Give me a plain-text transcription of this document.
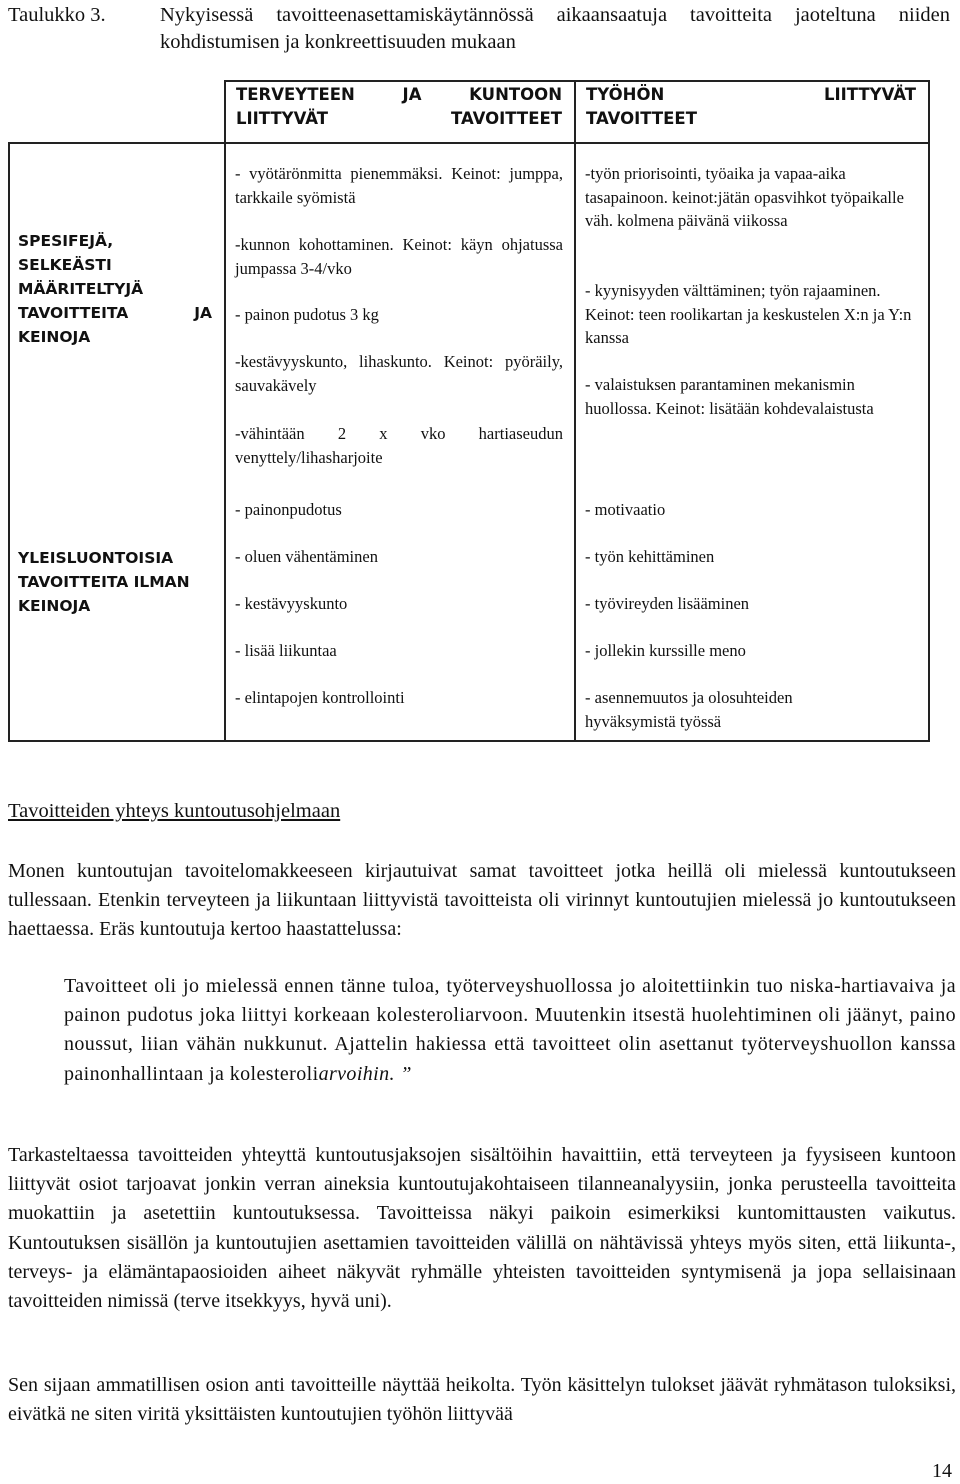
Taulukko 3.	Nykyisessä tavoitteenasettamiskäytännössä aikaansaatuja tavoitteita jaoteltuna niiden kohdistumisen ja konkreettisuuden mukaan
TERVEYTEEN JA KUNTOON LIITTYVÄT TAVOITTEET
TYÖHÖN	LIITTYVÄT
TAVOITTEET
SPESIFEJÄ, SELKEÄSTI MÄÄRITELTYJÄ TAVOITTEITA JA KEINOJA
YLEISLUONTOISIA TAVOITTEITA ILMAN KEINOJA

- vyötärönmitta pienemmäksi. Keinot: jumppa, tarkkaile syömistä

-kunnon kohottaminen. Keinot: käyn ohjatussa jumpassa 3-4/vko

- painon pudotus 3 kg

-kestävyyskunto, lihaskunto. Keinot: pyöräily, sauvakävely

-vähintään 2 x vko hartiaseudun venyttely/lihasharjoite

-työn priorisointi, työaika ja vapaa-aika tasapainoon. keinot:jätän opasvihkot työpaikalle väh. kolmena päivänä viikossa

- kyynisyyden välttäminen; työn rajaaminen. Keinot: teen roolikartan ja keskustelen X:n ja Y:n kanssa

- valaistuksen parantaminen mekanismin huollossa. Keinot: lisätään kohdevalaistusta

- painonpudotus

- oluen vähentäminen

- kestävyyskunto

- lisää liikuntaa

- elintapojen kontrollointi

- motivaatio

- työn kehittäminen

- työvireyden lisääminen

- jollekin kurssille meno

- asennemuutos ja olosuhteiden hyväksymistä työssä

Tavoitteiden yhteys kuntoutusohjelmaan

Monen kuntoutujan tavoitelomakkeeseen kirjautuivat samat tavoitteet jotka heillä oli mielessä kuntoutukseen tullessaan. Etenkin terveyteen ja liikuntaan liittyvistä tavoitteista oli virinnyt kuntoutujien mielessä jo kuntoutukseen haettaessa. Eräs kuntoutuja kertoo haastattelussa:

Tavoitteet oli jo mielessä ennen tänne tuloa, työterveyshuollossa jo aloitettiinkin tuo niska-hartiavaiva ja painon pudotus joka liittyi korkeaan kolesteroliarvoon. Muutenkin itsestä huolehtiminen oli jäänyt, paino noussut, liian vähän nukkunut. Ajattelin hakiessa että tavoitteet olin asettanut työterveyshuollon kanssa painonhallintaan ja kolesteroliarvoihin. ”

Tarkasteltaessa tavoitteiden yhteyttä kuntoutusjaksojen sisältöihin havaittiin, että terveyteen ja fyysiseen kuntoon liittyvät osiot tarjoavat jonkin verran aineksia kuntoutujakohtaiseen tilanneanalyysiin, jonka perusteella tavoitteita muokattiin ja asetettiin kuntoutuksessa. Tavoitteissa näkyi paikoin esimerkiksi kuntomittausten vaikutus. Kuntoutuksen sisällön ja kuntoutujien asettamien tavoitteiden välillä on nähtävissä yhteys myös siten, että liikunta-, terveys- ja elämäntapaosioiden aiheet näkyvät ryhmälle yhteisten tavoitteiden syntymisenä ja jopa sellaisinaan tavoitteiden nimissä (terve itsekkyys, hyvä uni).

Sen sijaan ammatillisen osion anti tavoitteille näyttää heikolta. Työn käsittelyn tulokset jäävät ryhmätason tuloksiksi, eivätkä ne siten viritä yksittäisten kuntoutujien työhön liittyvää

14
